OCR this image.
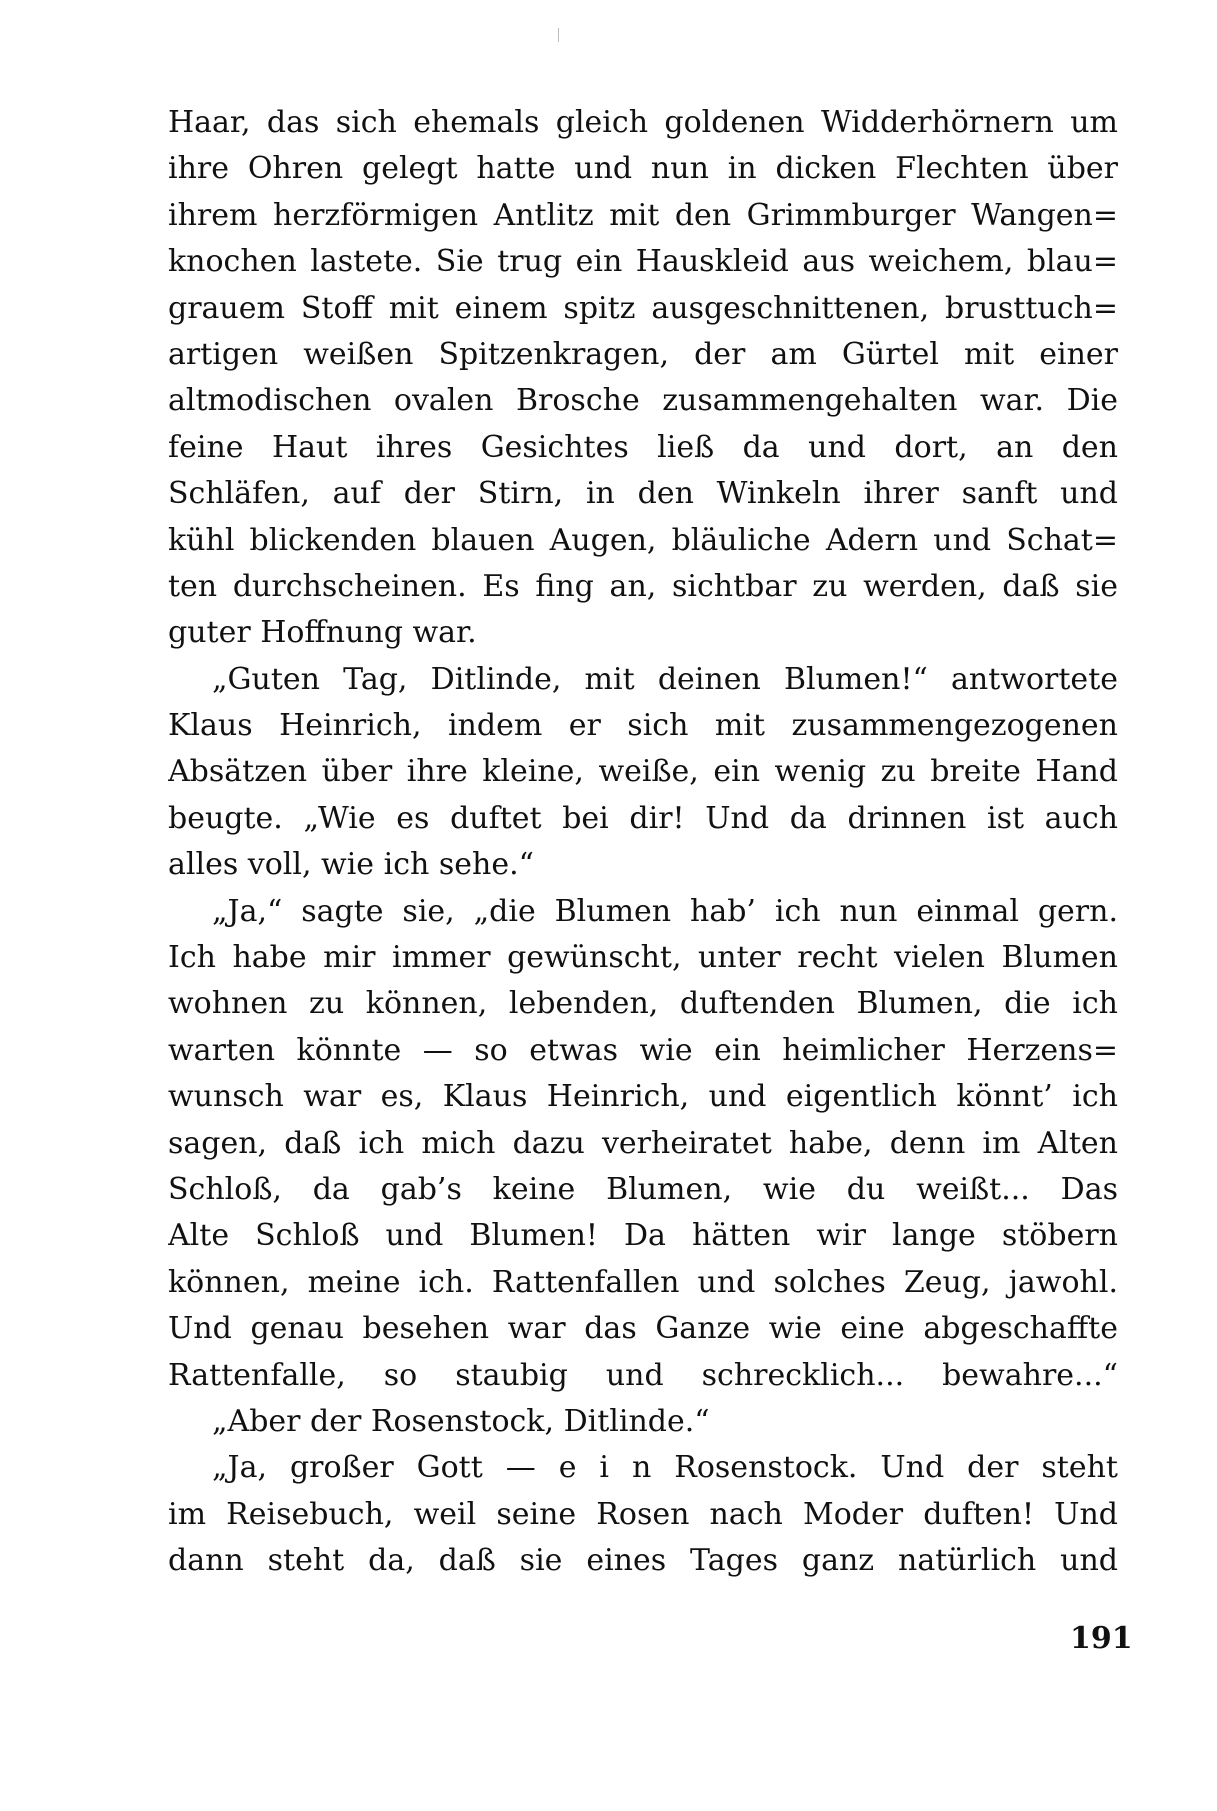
Haar, das sich ehemals gleich goldenen Widderhörnern um
ihre Ohren gelegt hatte und nun in dicken Flechten über
ihrem herzförmigen Antlitz mit den Grimmburger Wangen=
knochen lastete. Sie trug ein Hauskleid aus weichem, blau=
grauem Stoff mit einem spitz ausgeschnittenen, brusttuch=
artigen weißen Spitzenkragen, der am Gürtel mit einer
altmodischen ovalen Brosche zusammengehalten war. Die
feine Haut ihres Gesichtes ließ da und dort, an den
Schläfen, auf der Stirn, in den Winkeln ihrer sanft und
kühl blickenden blauen Augen, bläuliche Adern und Schat=
ten durchscheinen. Es fing an, sichtbar zu werden, daß sie
guter Hoffnung war.
„Guten Tag, Ditlinde, mit deinen Blumen!“ antwortete
Klaus Heinrich, indem er sich mit zusammengezogenen
Absätzen über ihre kleine, weiße, ein wenig zu breite Hand
beugte. „Wie es duftet bei dir! Und da drinnen ist auch
alles voll, wie ich sehe.“
„Ja,“ sagte sie, „die Blumen hab’ ich nun einmal gern.
Ich habe mir immer gewünscht, unter recht vielen Blumen
wohnen zu können, lebenden, duftenden Blumen, die ich
warten könnte — so etwas wie ein heimlicher Herzens=
wunsch war es, Klaus Heinrich, und eigentlich könnt’ ich
sagen, daß ich mich dazu verheiratet habe, denn im Alten
Schloß, da gab’s keine Blumen, wie du weißt... Das
Alte Schloß und Blumen! Da hätten wir lange stöbern
können, meine ich. Rattenfallen und solches Zeug, jawohl.
Und genau besehen war das Ganze wie eine abgeschaffte
Rattenfalle, so staubig und schrecklich... bewahre...“
„Aber der Rosenstock, Ditlinde.“
„Ja, großer Gott — e i n Rosenstock. Und der steht
im Reisebuch, weil seine Rosen nach Moder duften! Und
dann steht da, daß sie eines Tages ganz natürlich und
191
